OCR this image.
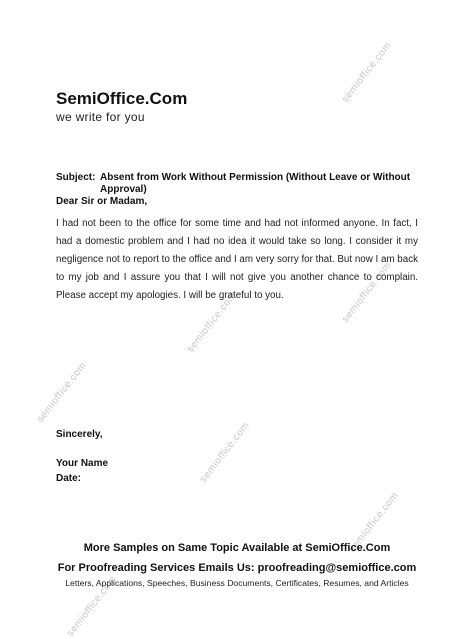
semioffice.com
semioffice.com	semioffice.com
semioffice.com
semioffice.com
semioffice.com
semioffice.com
SemiOffice.Com
we write for you
Subject: Absent from Work Without Permission (Without Leave or Without Approval)
Dear Sir or Madam,
I had not been to the office for some time and had not informed anyone. In fact, I had a domestic problem and I had no idea it would take so long. I consider it my negligence not to report to the office and I am very sorry for that. But now I am back to my job and I assure you that I will not give you another chance to complain. Please accept my apologies. I will be grateful to you.
Sincerely,
Your Name
Date:
More Samples on Same Topic Available at SemiOffice.Com
For Proofreading Services Emails Us: proofreading@semioffice.com
Letters, Applications, Speeches, Business Documents, Certificates, Resumes, and Articles
